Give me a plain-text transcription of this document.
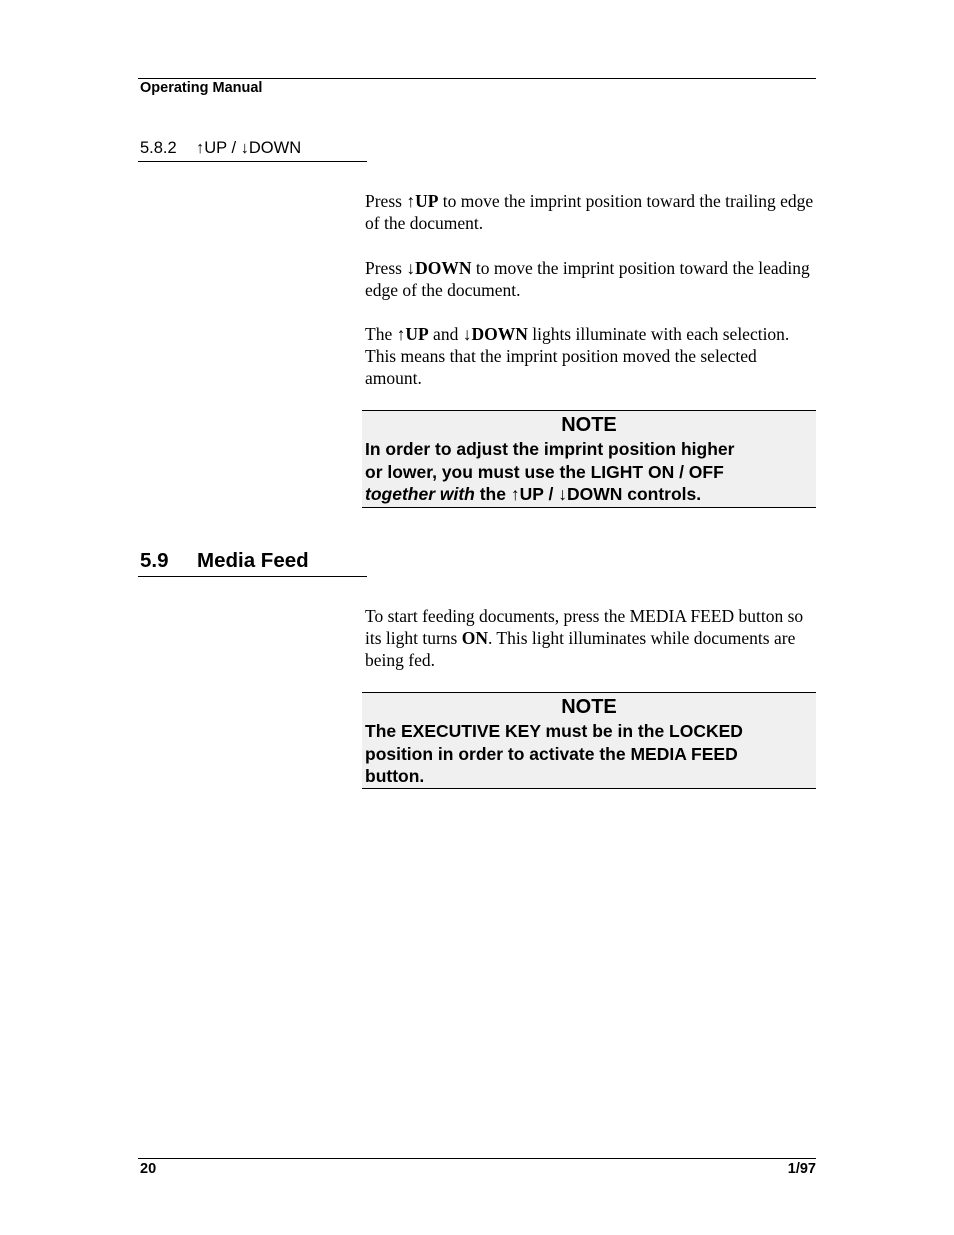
Operating Manual
5.8.2 ↑UP / ↓DOWN
Press ↑UP to move the imprint position toward the trailing edge of the document.
Press ↓DOWN to move the imprint position toward the leading edge of the document.
The ↑UP and ↓DOWN lights illuminate with each selection. This means that the imprint position moved the selected amount.
NOTE
In order to adjust the imprint position higher
or lower, you must use the LIGHT ON / OFF
together with the ↑UP / ↓DOWN controls.
5.9 Media Feed
To start feeding documents, press the MEDIA FEED button so its light turns ON. This light illuminates while documents are being fed.
NOTE
The EXECUTIVE KEY must be in the LOCKED position in order to activate the MEDIA FEED button.
20	1/97
